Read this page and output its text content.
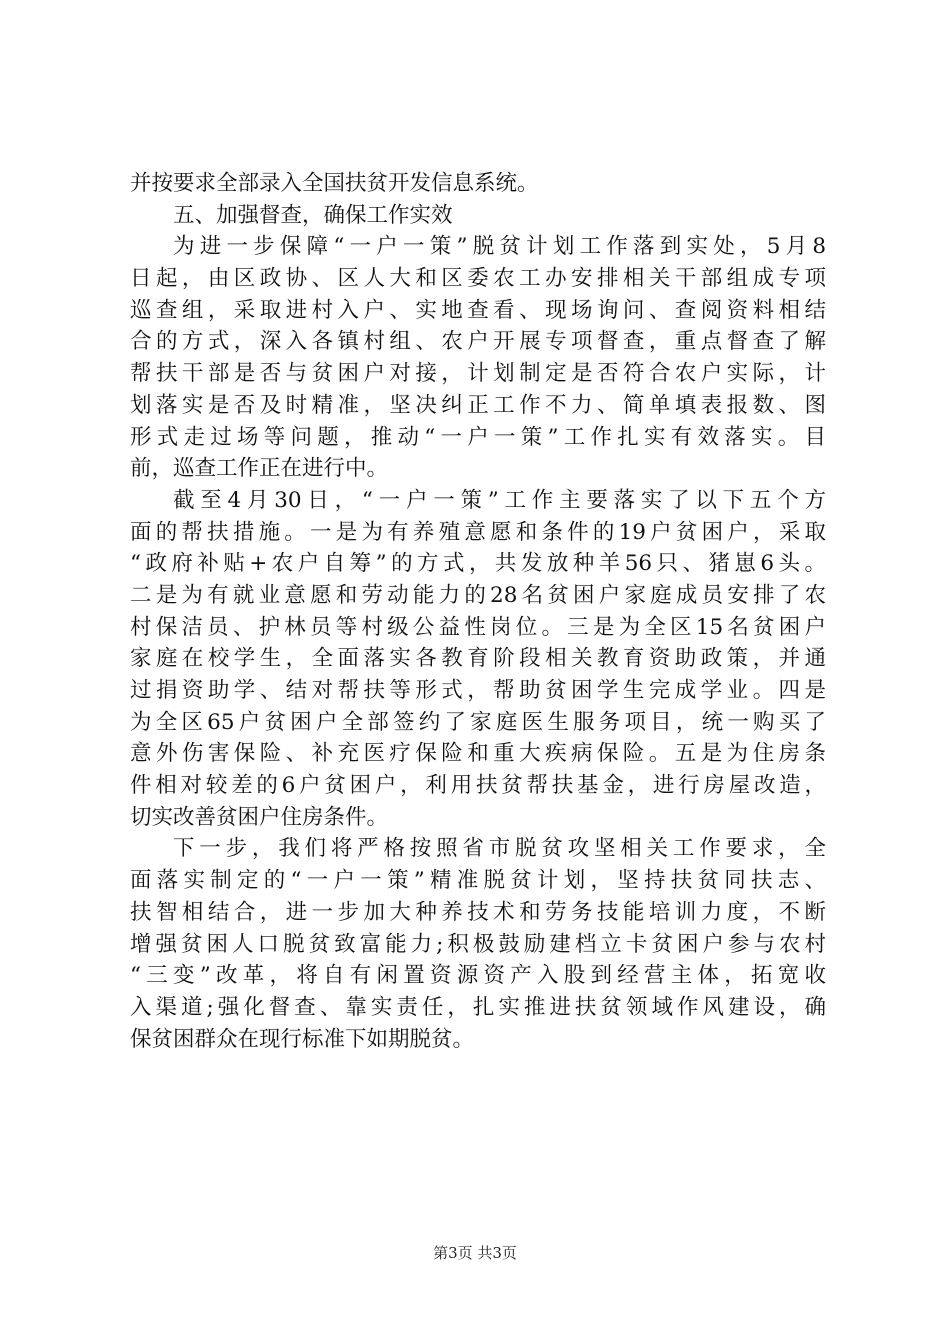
并按要求全部录入全国扶贫开发信息系统。
五、加强督查，确保工作实效
为进一步保障“一户一策”脱贫计划工作落到实处，5月8
日起，由区政协、区人大和区委农工办安排相关干部组成专项
巡查组，采取进村入户、实地查看、现场询问、查阅资料相结
合的方式，深入各镇村组、农户开展专项督查，重点督查了解
帮扶干部是否与贫困户对接，计划制定是否符合农户实际，计
划落实是否及时精准，坚决纠正工作不力、简单填表报数、图
形式走过场等问题，推动“一户一策”工作扎实有效落实。目
前，巡查工作正在进行中。
截至4月30日，“一户一策”工作主要落实了以下五个方
面的帮扶措施。一是为有养殖意愿和条件的19户贫困户，采取
“政府补贴+农户自筹”的方式，共发放种羊56只、猪崽6头。
二是为有就业意愿和劳动能力的28名贫困户家庭成员安排了农
村保洁员、护林员等村级公益性岗位。三是为全区15名贫困户
家庭在校学生，全面落实各教育阶段相关教育资助政策，并通
过捐资助学、结对帮扶等形式，帮助贫困学生完成学业。四是
为全区65户贫困户全部签约了家庭医生服务项目，统一购买了
意外伤害保险、补充医疗保险和重大疾病保险。五是为住房条
件相对较差的6户贫困户，利用扶贫帮扶基金，进行房屋改造，
切实改善贫困户住房条件。
下一步，我们将严格按照省市脱贫攻坚相关工作要求，全
面落实制定的“一户一策”精准脱贫计划，坚持扶贫同扶志、
扶智相结合，进一步加大种养技术和劳务技能培训力度，不断
增强贫困人口脱贫致富能力;积极鼓励建档立卡贫困户参与农村
“三变”改革，将自有闲置资源资产入股到经营主体，拓宽收
入渠道;强化督查、靠实责任，扎实推进扶贫领域作风建设，确
保贫困群众在现行标准下如期脱贫。
第3页 共3页
